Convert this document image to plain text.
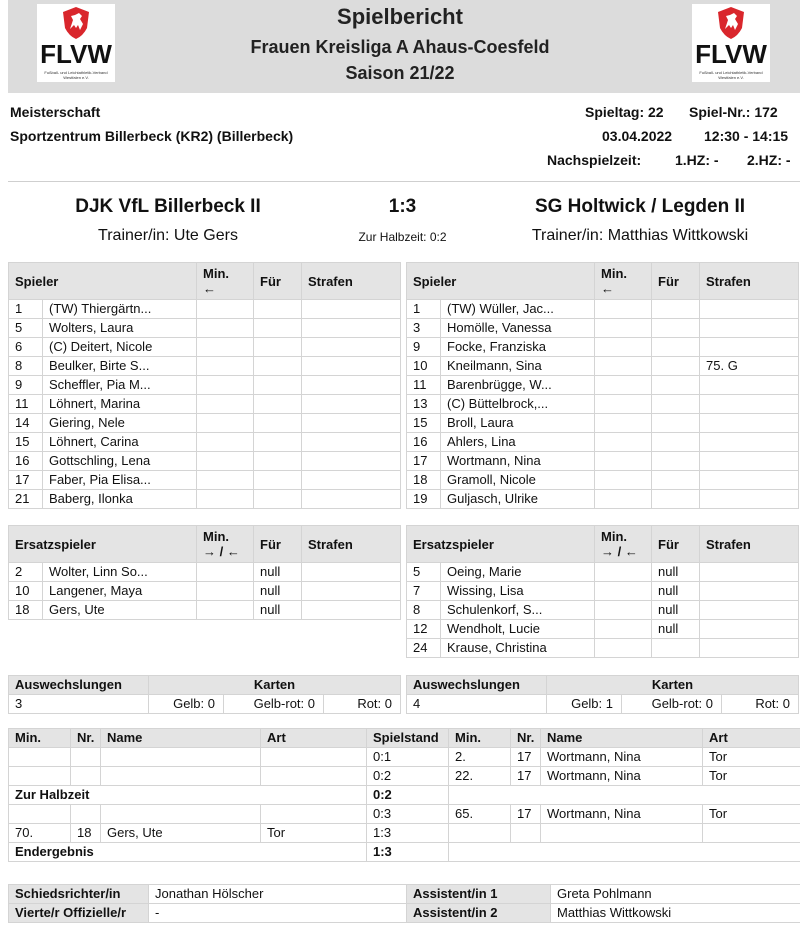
FLVW
Fußball- und Leichtathletik-Verband Westfalen e.V.
FLVW
Fußball- und Leichtathletik-Verband Westfalen e.V.
Spielbericht
Frauen Kreisliga A Ahaus-Coesfeld
Saison 21/22
Meisterschaft
Sportzentrum Billerbeck (KR2) (Billerbeck)
Spieltag: 22 Spiel-Nr.: 172
03.04.2022 12:30 - 14:15
Nachspielzeit: 1.HZ: - 2.HZ: -
DJK VfL Billerbeck II	1:3	SG Holtwick / Legden II
Trainer/in: Ute Gers	Zur Halbzeit: 0:2	Trainer/in: Matthias Wittkowski
Spieler		Min.
←	Für	Strafen
1	(TW) Thiergärtn...			
5	Wolters, Laura			
6	(C) Deitert, Nicole			
8	Beulker, Birte S...			
9	Scheffler, Pia M...			
11	Löhnert, Marina			
14	Giering, Nele			
15	Löhnert, Carina			
16	Gottschling, Lena			
17	Faber, Pia Elisa...			
21	Baberg, Ilonka			
Spieler		Min.
←	Für	Strafen
1	(TW) Wüller, Jac...			
3	Homölle, Vanessa			
9	Focke, Franziska			
10	Kneilmann, Sina			75. G
11	Barenbrügge, W...			
13	(C) Büttelbrock,...			
15	Broll, Laura			
16	Ahlers, Lina			
17	Wortmann, Nina			
18	Gramoll, Nicole			
19	Guljasch, Ulrike			
Ersatzspieler		Min.
→ / ←	Für	Strafen
2	Wolter, Linn So...		null	
10	Langener, Maya		null	
18	Gers, Ute		null	
Ersatzspieler		Min.
→ / ←	Für	Strafen
5	Oeing, Marie		null	
7	Wissing, Lisa		null	
8	Schulenkorf, S...		null	
12	Wendholt, Lucie		null	
24	Krause, Christina			
Auswechslungen	Karten		
3	Gelb: 0	Gelb-rot: 0	Rot: 0
Auswechslungen	Karten		
4	Gelb: 1	Gelb-rot: 0	Rot: 0
Min.	Nr.	Name	Art	Spielstand	Min.	Nr.	Name	Art
				0:1	2.	17	Wortmann, Nina	Tor
				0:2	22.	17	Wortmann, Nina	Tor
Zur Halbzeit				0:2				
				0:3	65.	17	Wortmann, Nina	Tor
70.	18	Gers, Ute	Tor	1:3				
Endergebnis				1:3				
Schiedsrichter/in	Jonathan Hölscher	Assistent/in 1	Greta Pohlmann
Vierte/r Offizielle/r	-	Assistent/in 2	Matthias Wittkowski
